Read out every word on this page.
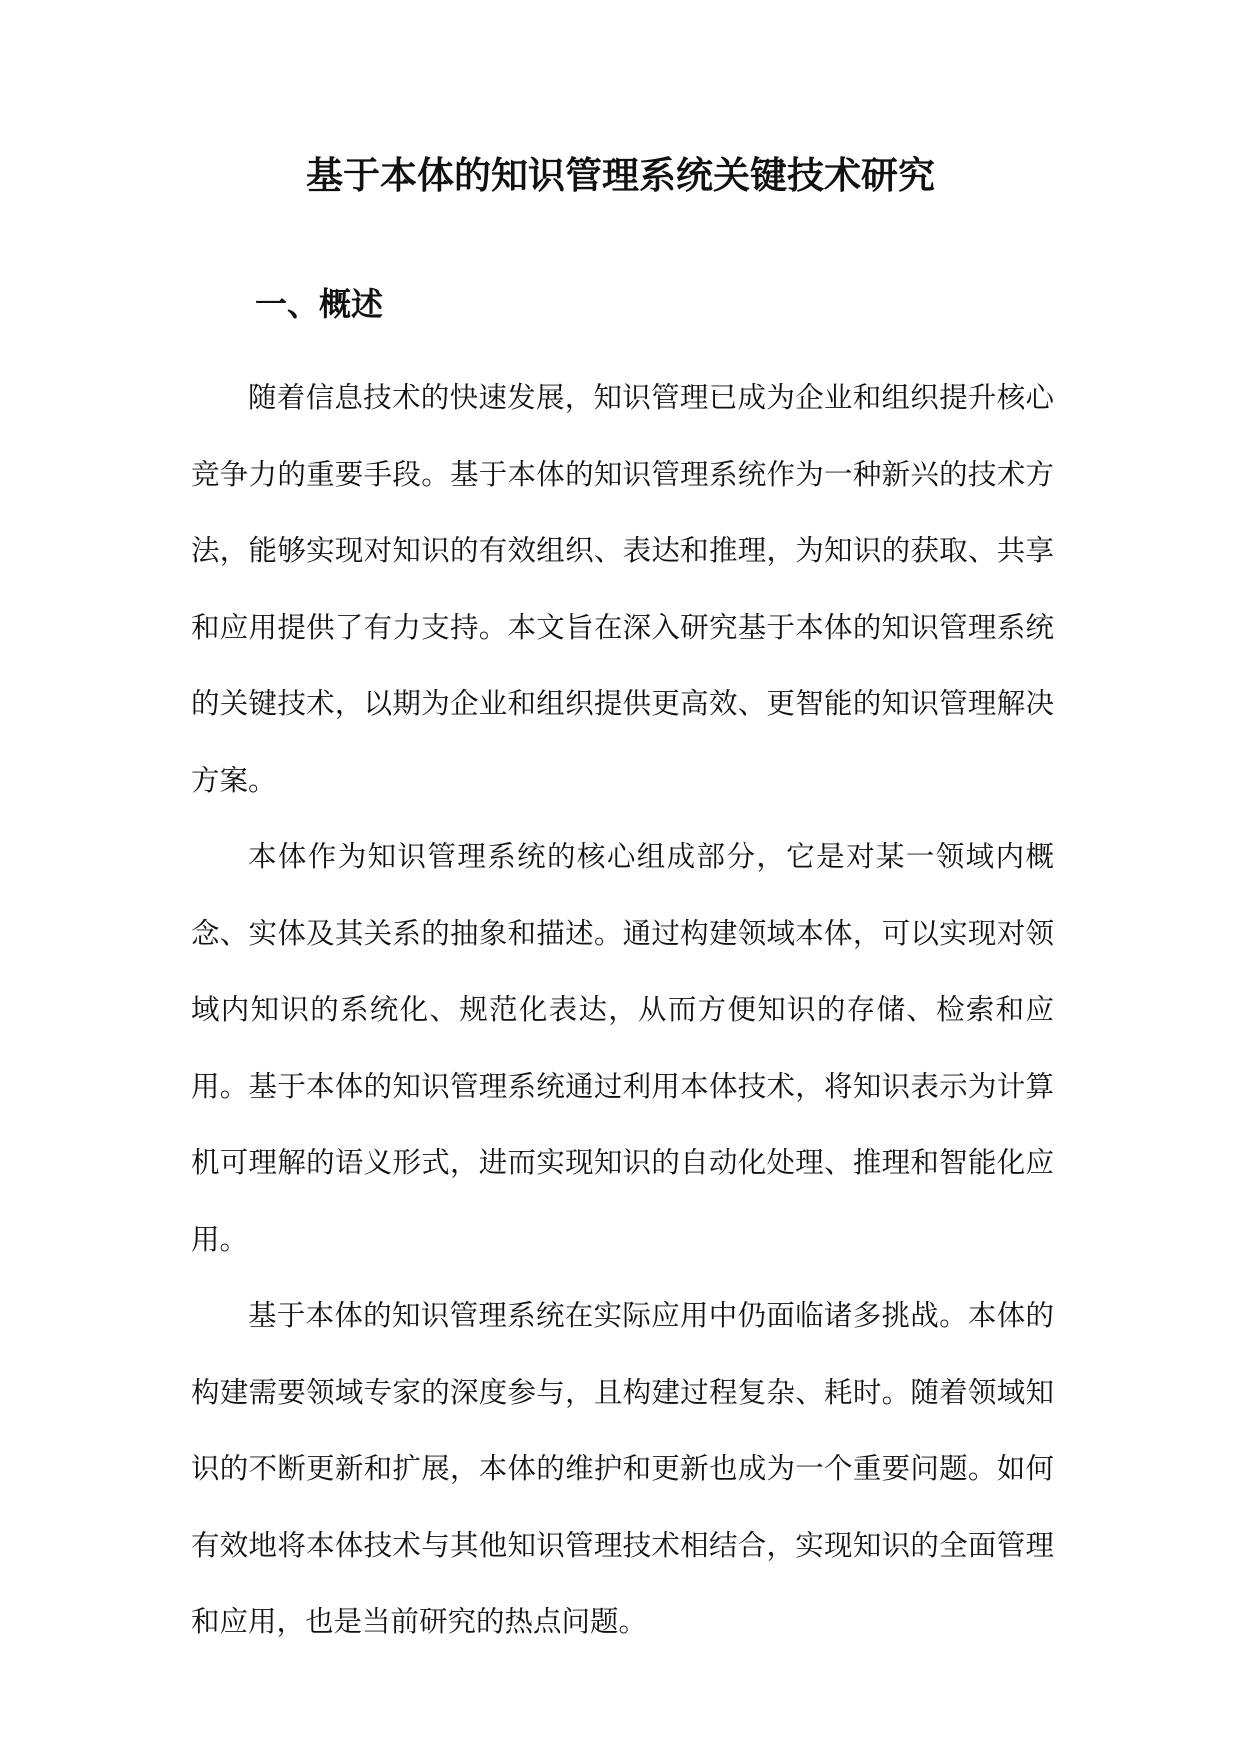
基于本体的知识管理系统关键技术研究
一、概述

随着信息技术的快速发展，知识管理已成为企业和组织提升核心竞争力的重要手段。基于本体的知识管理系统作为一种新兴的技术方法，能够实现对知识的有效组织、表达和推理，为知识的获取、共享和应用提供了有力支持。本文旨在深入研究基于本体的知识管理系统的关键技术，以期为企业和组织提供更高效、更智能的知识管理解决方案。

本体作为知识管理系统的核心组成部分，它是对某一领域内概念、实体及其关系的抽象和描述。通过构建领域本体，可以实现对领域内知识的系统化、规范化表达，从而方便知识的存储、检索和应用。基于本体的知识管理系统通过利用本体技术，将知识表示为计算机可理解的语义形式，进而实现知识的自动化处理、推理和智能化应用。

基于本体的知识管理系统在实际应用中仍面临诸多挑战。本体的构建需要领域专家的深度参与，且构建过程复杂、耗时。随着领域知识的不断更新和扩展，本体的维护和更新也成为一个重要问题。如何有效地将本体技术与其他知识管理技术相结合，实现知识的全面管理和应用，也是当前研究的热点问题。
